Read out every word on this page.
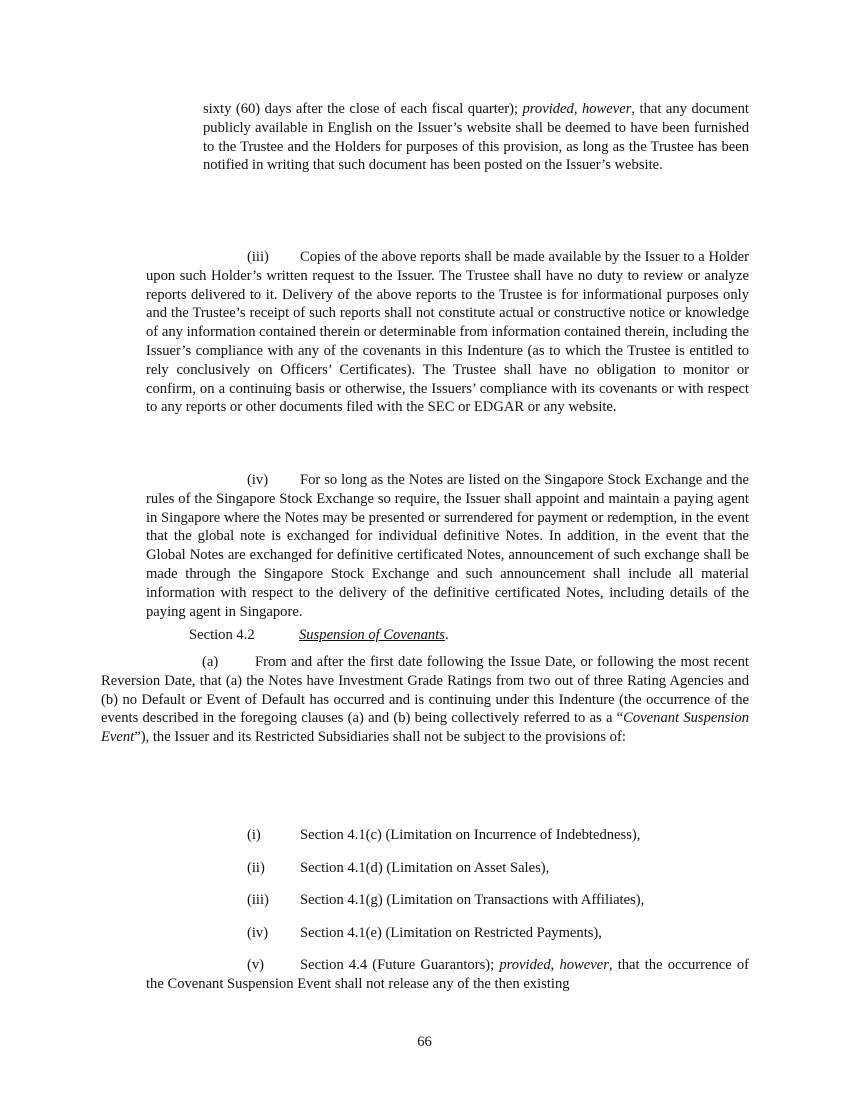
sixty (60) days after the close of each fiscal quarter); provided, however, that any document publicly available in English on the Issuer’s website shall be deemed to have been furnished to the Trustee and the Holders for purposes of this provision, as long as the Trustee has been notified in writing that such document has been posted on the Issuer’s website.

(iii) Copies of the above reports shall be made available by the Issuer to a Holder upon such Holder’s written request to the Issuer. The Trustee shall have no duty to review or analyze reports delivered to it. Delivery of the above reports to the Trustee is for informational purposes only and the Trustee’s receipt of such reports shall not constitute actual or constructive notice or knowledge of any information contained therein or determinable from information contained therein, including the Issuer’s compliance with any of the covenants in this Indenture (as to which the Trustee is entitled to rely conclusively on Officers’ Certificates). The Trustee shall have no obligation to monitor or confirm, on a continuing basis or otherwise, the Issuers’ compliance with its covenants or with respect to any reports or other documents filed with the SEC or EDGAR or any website.

(iv) For so long as the Notes are listed on the Singapore Stock Exchange and the rules of the Singapore Stock Exchange so require, the Issuer shall appoint and maintain a paying agent in Singapore where the Notes may be presented or surrendered for payment or redemption, in the event that the global note is exchanged for individual definitive Notes. In addition, in the event that the Global Notes are exchanged for definitive certificated Notes, announcement of such exchange shall be made through the Singapore Stock Exchange and such announcement shall include all material information with respect to the delivery of the definitive certificated Notes, including details of the paying agent in Singapore.

Section 4.2	Suspension of Covenants.

(a)	From and after the first date following the Issue Date, or following the most recent Reversion Date, that (a) the Notes have Investment Grade Ratings from two out of three Rating Agencies and (b) no Default or Event of Default has occurred and is continuing under this Indenture (the occurrence of the events described in the foregoing clauses (a) and (b) being collectively referred to as a “Covenant Suspension Event”), the Issuer and its Restricted Subsidiaries shall not be subject to the provisions of:

(i)	Section 4.1(c) (Limitation on Incurrence of Indebtedness),
(ii) Section 4.1(d) (Limitation on Asset Sales),
(iii) Section 4.1(g) (Limitation on Transactions with Affiliates),
(iv) Section 4.1(e) (Limitation on Restricted Payments),

(v) Section 4.4 (Future Guarantors); provided, however, that the occurrence of the Covenant Suspension Event shall not release any of the then existing

66
